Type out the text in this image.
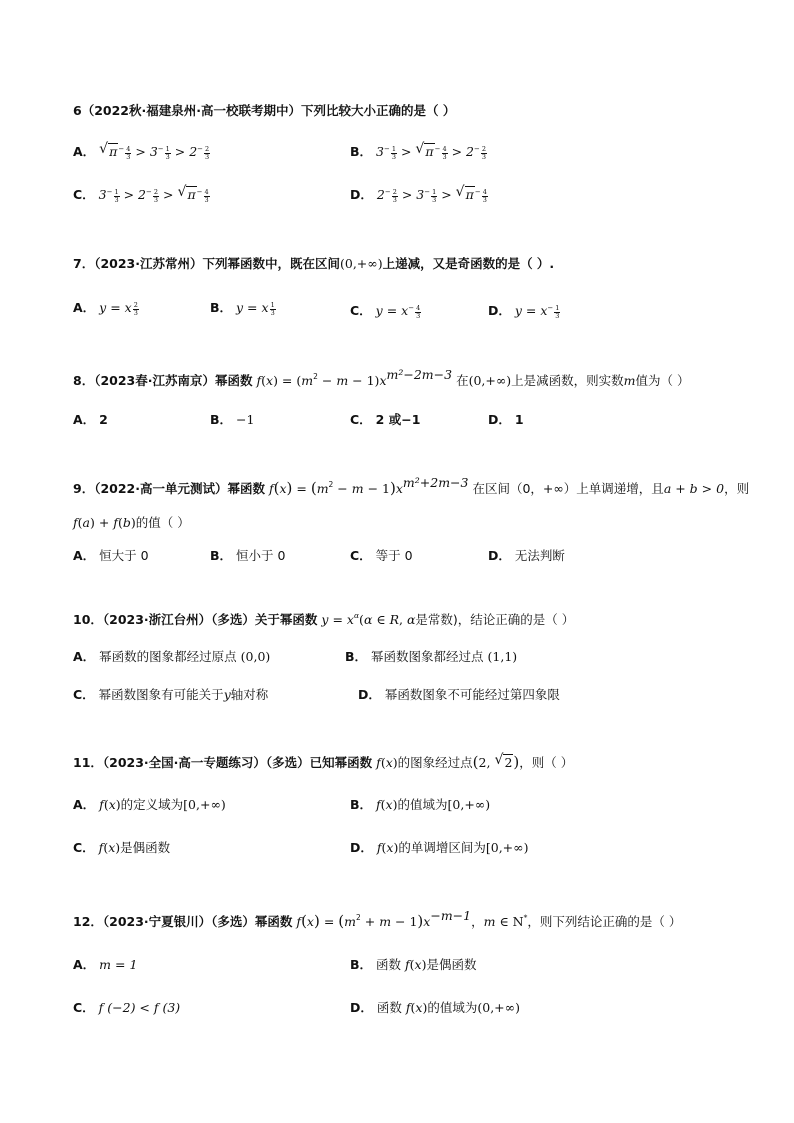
6（2022秋·福建泉州·高一校联考期中）下列比较大小正确的是（ ）
A． √ $\pi^- \frac{4}{3} > 3^- \frac{1}{3} > 2^- \frac{2}{3}$	B． $3^- \frac{1}{3}$ > √ $\pi^- \frac{4}{3} > 2^- \frac{2}{3}$
C． $3^- \frac{1}{3} > 2^- \frac{2}{3}$ > √ $\pi^- \frac{4}{3}$	D． $2^- \frac{2}{3} > 3^- \frac{1}{3}$ > √ $\pi^- \frac{4}{3}$
7．（2023·江苏常州）下列幂函数中，既在区间(0,+∞)上递减，又是奇函数的是（ ）.
A． y = x $\frac{2}{3}$	B． y = x $\frac{1}{3}$	C． $y = x^- \frac{4}{3}$	D． $y = x^- \frac{1}{3}$
8．（2023春·江苏南京）幂函数 $f(x) = (m^2 - m - 1)x^{m^2-2m-3}$ 在(0,+∞)上是减函数，则实数m值为（ ）
A． 2	B． −1	C． 2 或−1	D． 1
9．（2022·高一单元测试）幂函数 $f(x) = (m^2 - m - 1)x^{m^2+2m-3}$ 在区间（0，+∞）上单调递增，且a + b > 0，则
f(a) + f(b)的值（ ）
A． 恒大于 0	B． 恒小于 0	C． 等于 0	D． 无法判断
10．（2023·浙江台州）（多选）关于幂函数 $y = x^\alpha(\alpha$ ∈ R, α是常数)，结论正确的是（ ）
A． 幂函数的图象都经过原点 (0,0)	B． 幂函数图象都经过点 (1,1)
C． 幂函数图象有可能关于y轴对称	D． 幂函数图象不可能经过第四象限
11．（2023·全国·高一专题练习）（多选）已知幂函数 f(x)的图象经过点(2, √ 2)，则（ ）
A． f(x)的定义域为[0,+∞)	B． f(x)的值域为[0,+∞)
C． f(x)是偶函数	D． f(x)的单调增区间为[0,+∞)
12．（2023·宁夏银川）（多选）幂函数 $f(x) = (m^2 + m - 1)x^{-m-1}$，m ∈ N*，则下列结论正确的是（ ）
A． m = 1	B． 函数 f(x)是偶函数
C． f (−2) < f (3)	D． 函数 f(x)的值域为(0,+∞)
